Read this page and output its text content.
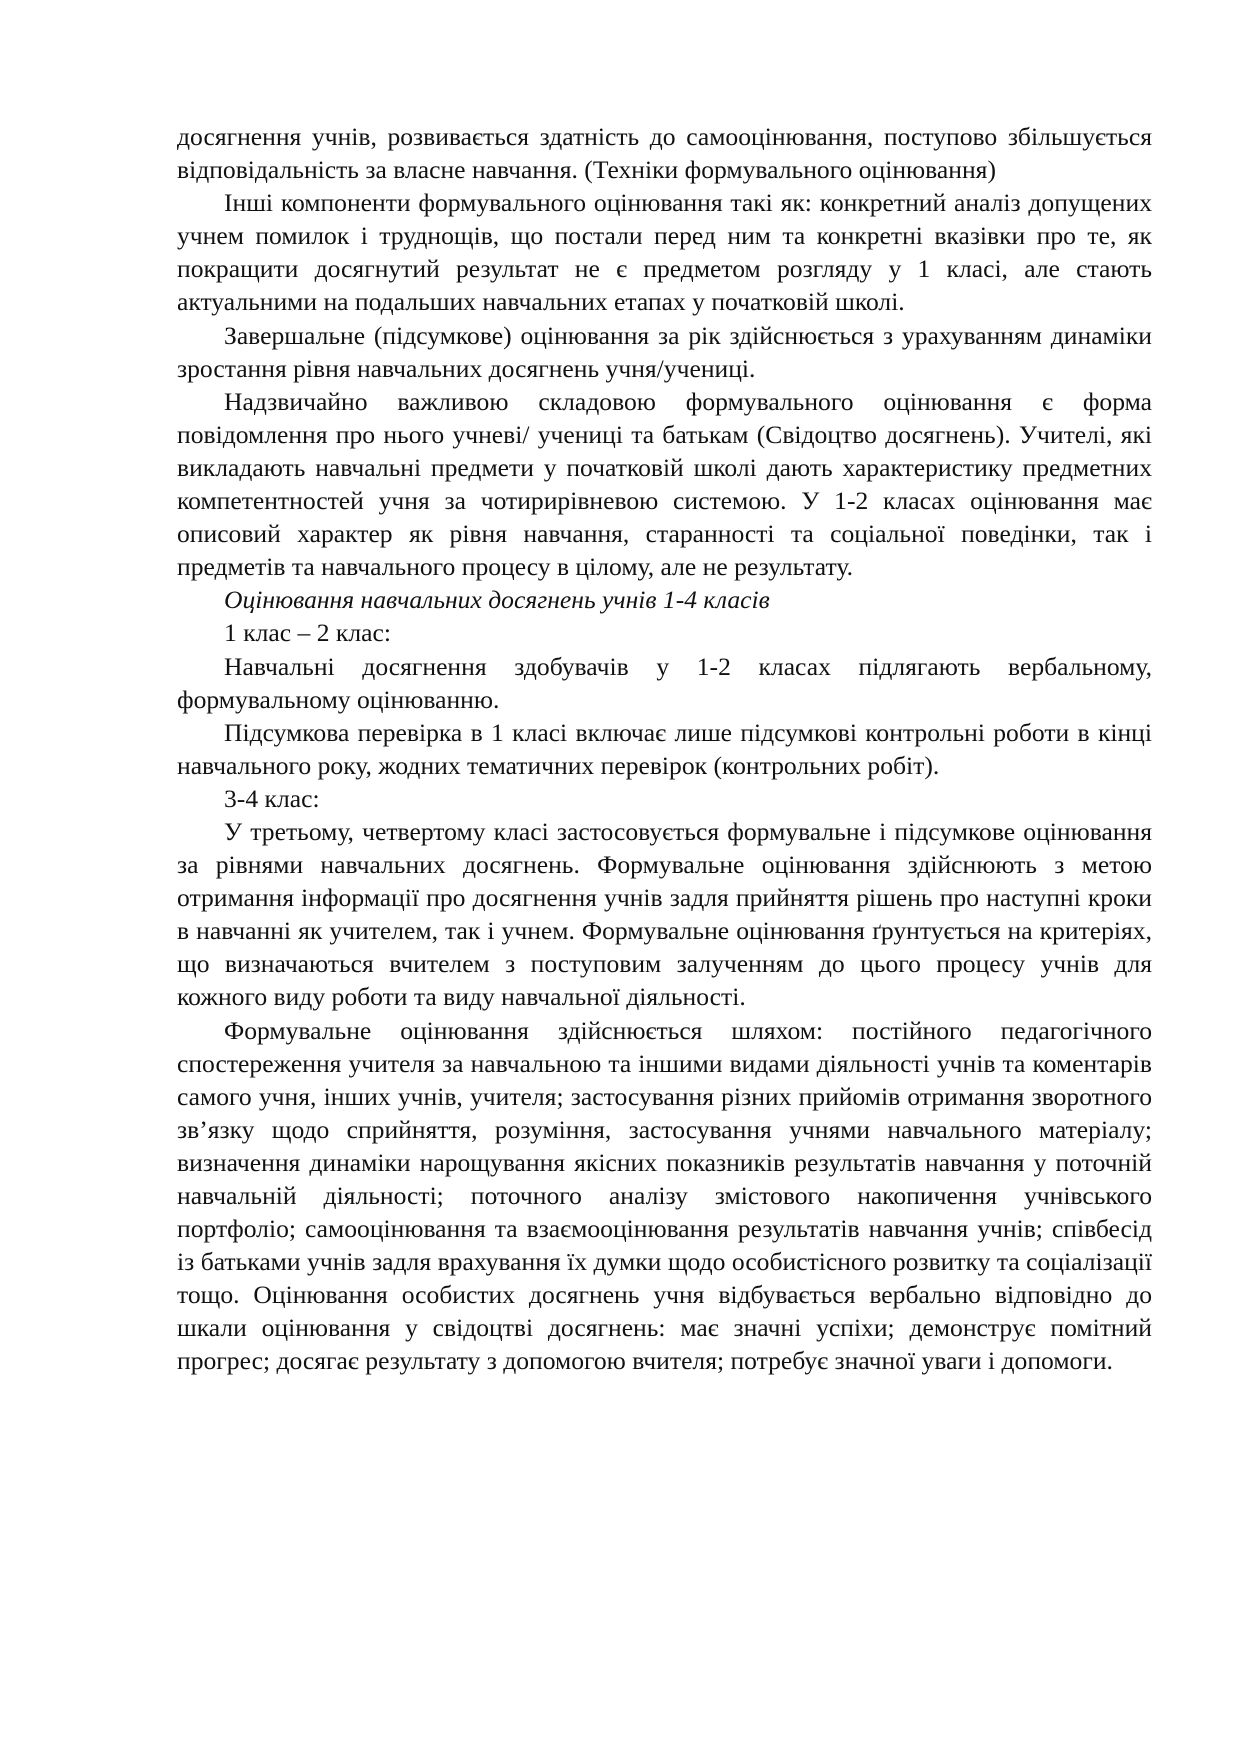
досягнення учнів, розвивається здатність до самооцінювання, поступово збільшується відповідальність за власне навчання. (Техніки формувального оцінювання)

Інші компоненти формувального оцінювання такі як: конкретний аналіз допущених учнем помилок і труднощів, що постали перед ним та конкретні вказівки про те, як покращити досягнутий результат не є предметом розгляду у 1 класі, але стають актуальними на подальших навчальних етапах у початковій школі.

Завершальне (підсумкове) оцінювання за рік здійснюється з урахуванням динаміки зростання рівня навчальних досягнень учня/учениці.

Надзвичайно важливою складовою формувального оцінювання є форма повідомлення про нього учневі/ учениці та батькам (Свідоцтво досягнень). Учителі, які викладають навчальні предмети у початковій школі дають характеристику предметних компетентностей учня за чотирирівневою системою. У 1-2 класах оцінювання має описовий характер як рівня навчання, старанності та соціальної поведінки, так і предметів та навчального процесу в цілому, але не результату.

Оцінювання навчальних досягнень учнів 1-4 класів

1 клас – 2 клас:

Навчальні досягнення здобувачів у 1-2 класах підлягають вербальному, формувальному оцінюванню.

Підсумкова перевірка в 1 класі включає лише підсумкові контрольні роботи в кінці навчального року, жодних тематичних перевірок (контрольних робіт).

3-4 клас:

У третьому, четвертому класі застосовується формувальне і підсумкове оцінювання за рівнями навчальних досягнень. Формувальне оцінювання здійснюють з метою отримання інформації про досягнення учнів задля прийняття рішень про наступні кроки в навчанні як учителем, так і учнем. Формувальне оцінювання ґрунтується на критеріях, що визначаються вчителем з поступовим залученням до цього процесу учнів для кожного виду роботи та виду навчальної діяльності.

Формувальне оцінювання здійснюється шляхом: постійного педагогічного спостереження учителя за навчальною та іншими видами діяльності учнів та коментарів самого учня, інших учнів, учителя; застосування різних прийомів отримання зворотного зв’язку щодо сприйняття, розуміння, застосування учнями навчального матеріалу; визначення динаміки нарощування якісних показників результатів навчання у поточній навчальній діяльності; поточного аналізу змістового накопичення учнівського портфоліо; самооцінювання та взаємооцінювання результатів навчання учнів; співбесід із батьками учнів задля врахування їх думки щодо особистісного розвитку та соціалізації тощо. Оцінювання особистих досягнень учня відбувається вербально відповідно до шкали оцінювання у свідоцтві досягнень: має значні успіхи; демонструє помітний прогрес; досягає результату з допомогою вчителя; потребує значної уваги і допомоги.
